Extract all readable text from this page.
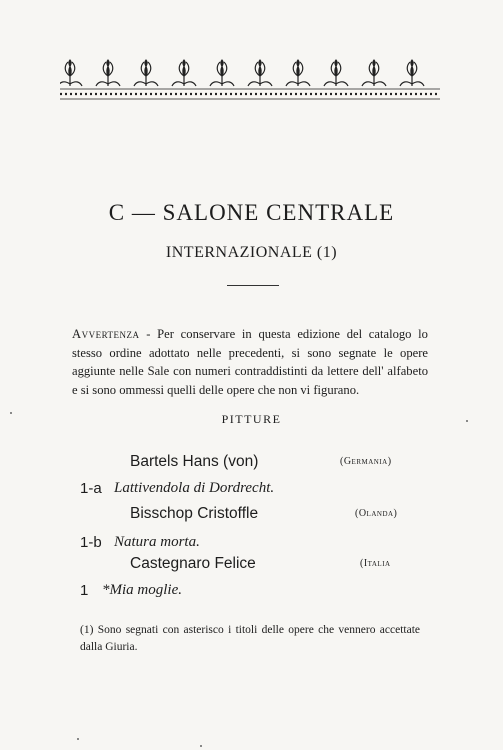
C — SALONE CENTRALE
INTERNAZIONALE (1)
Avvertenza - Per conservare in questa edizione del catalogo lo stesso ordine adottato nelle precedenti, si sono segnate le opere aggiunte nelle Sale con numeri contraddistinti da lettere dell' alfabeto e si sono ommessi quelli delle opere che non vi figurano.
PITTURE
Bartels Hans (von)	(Germania)
1-a Lattivendola di Dordrecht.
Bisschop Cristoffle	(Olanda)
1-b Natura morta.
Castegnaro Felice	(Italia
1 *Mia moglie.
(1) Sono segnati con asterisco i titoli delle opere che vennero accettate dalla Giuria.
